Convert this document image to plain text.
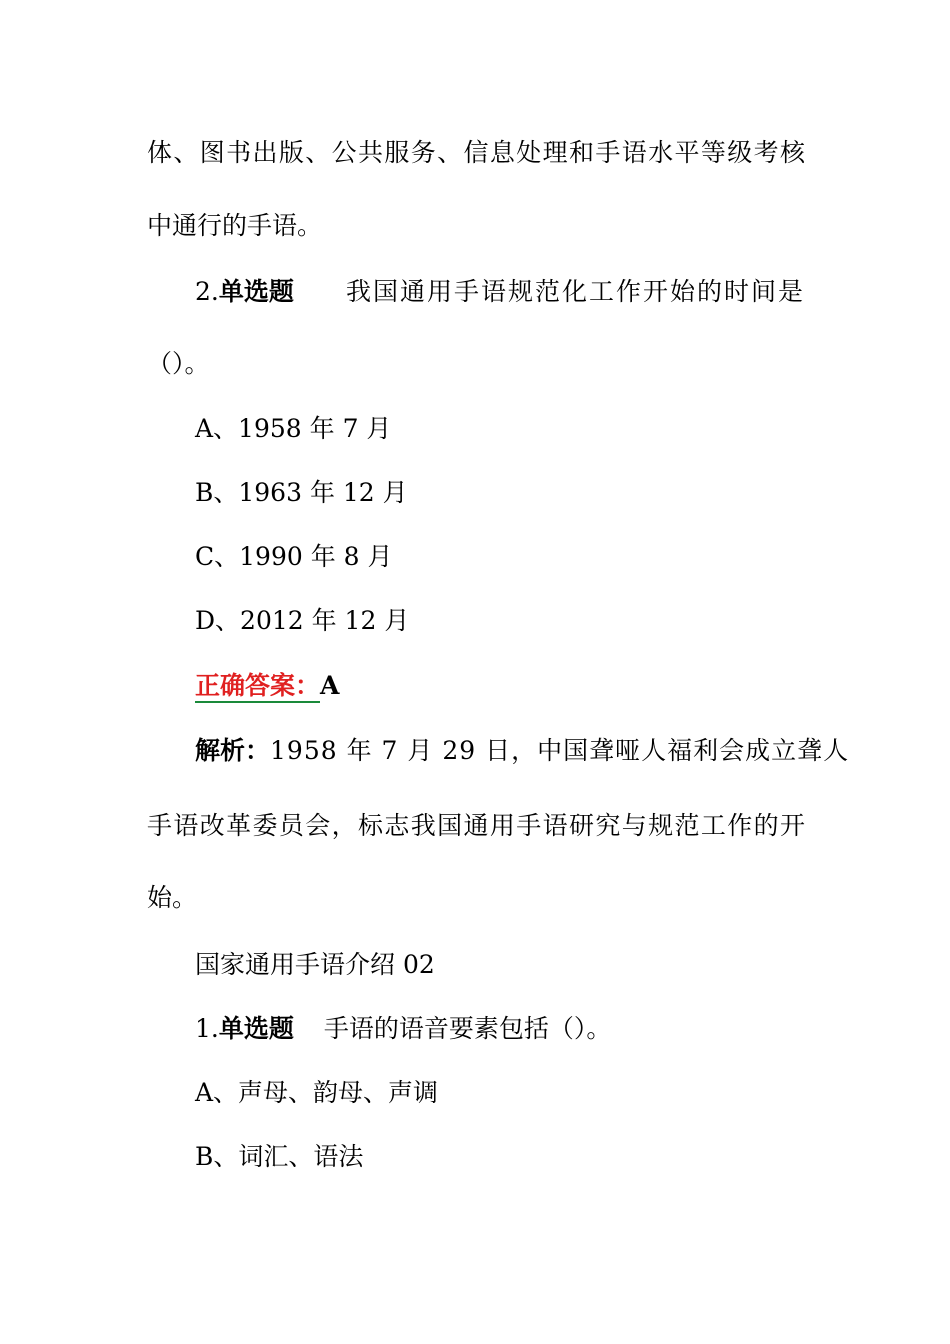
体、图书出版、公共服务、信息处理和手语水平等级考核
中通行的手语。
2.单选题 我国通用手语规范化工作开始的时间是
（）。
A、1958 年 7 月
B、1963 年 12 月
C、1990 年 8 月
D、2012 年 12 月
正确答案：A
解析： 1958 年 7 月 29 日，中国聋哑人福利会成立聋人
手语改革委员会，标志我国通用手语研究与规范工作的开
始。
国家通用手语介绍 02
1.单选题 手语的语音要素包括（）。
A、声母、韵母、声调
B、词汇、语法
